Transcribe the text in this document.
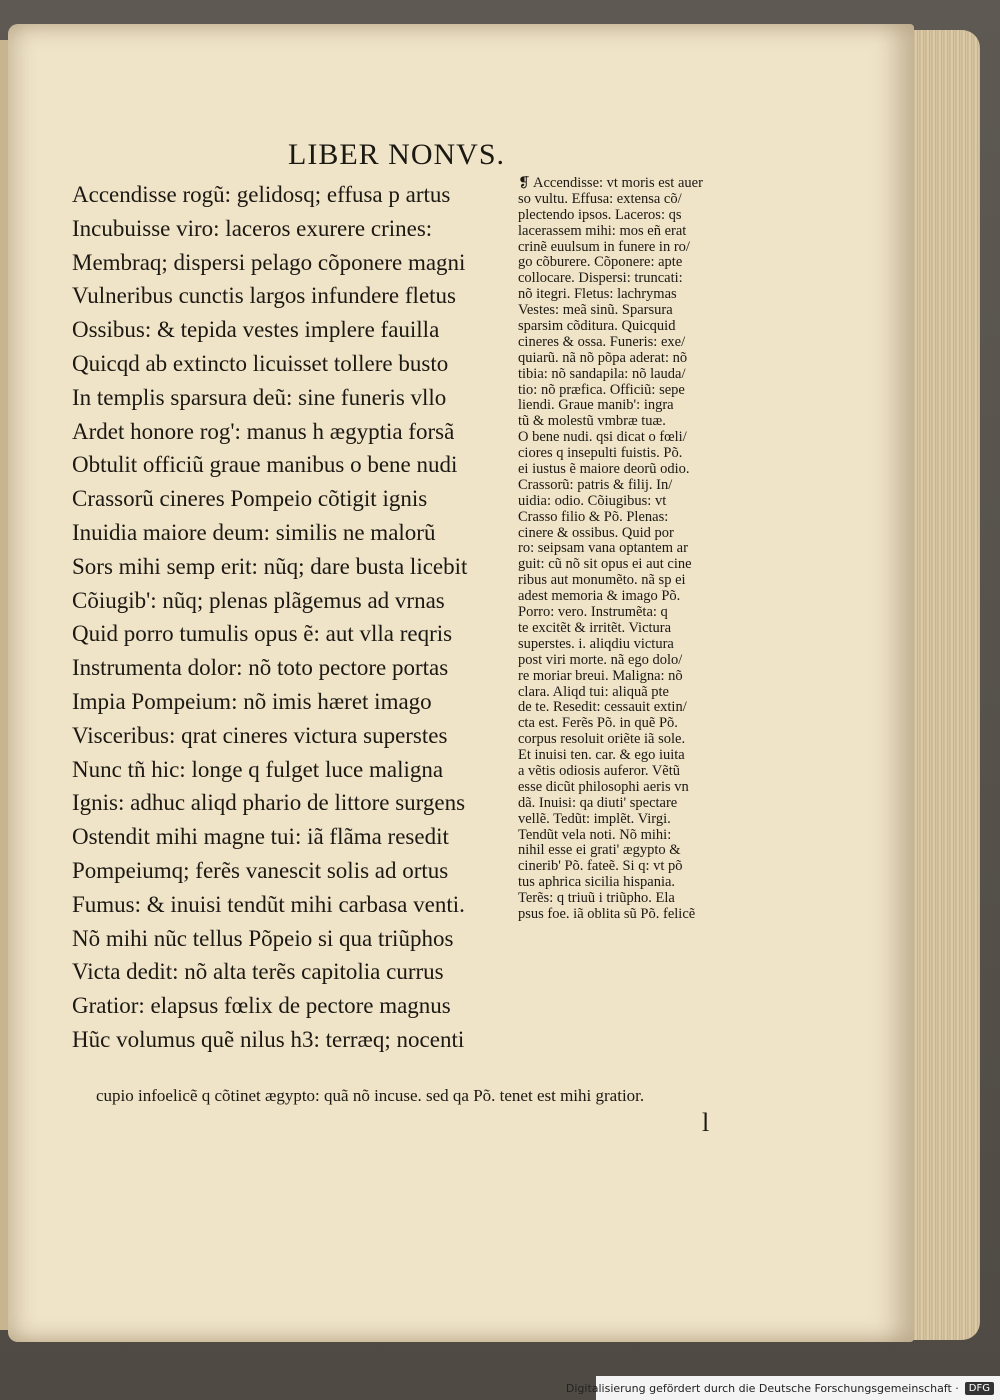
LIBER NONVS.
Accendisse rogũ: gelidosq; effusa p artus
Incubuisse viro: laceros exurere crines:
Membraq; dispersi pelago cõponere magni
Vulneribus cunctis largos infundere fletus
Ossibus: & tepida vestes implere fauilla
Quicqd ab extincto licuisset tollere busto
In templis sparsura deũ: sine funeris vllo
Ardet honore rog': manus h ægyptia forsã
Obtulit officiũ graue manibus o bene nudi
Crassorũ cineres Pompeio cõtigit ignis
Inuidia maiore deum: similis ne malorũ
Sors mihi semp erit: nũq; dare busta licebit
Cõiugib': nũq; plenas plãgemus ad vrnas
Quid porro tumulis opus ẽ: aut vlla reqris
Instrumenta dolor: nõ toto pectore portas
Impia Pompeium: nõ imis hæret imago
Visceribus: qrat cineres victura superstes
Nunc tñ hic: longe q fulget luce maligna
Ignis: adhuc aliqd phario de littore surgens
Ostendit mihi magne tui: iã flãma resedit
Pompeiumq; ferẽs vanescit solis ad ortus
Fumus: & inuisi tendũt mihi carbasa venti.
Nõ mihi nũc tellus Põpeio si qua triũphos
Victa dedit: nõ alta terẽs capitolia currus
Gratior: elapsus fœlix de pectore magnus
Hũc volumus quẽ nilus h3: terræq; nocenti
❡ Accendisse: vt moris est auer
so vultu. Effusa: extensa cõ/
plectendo ipsos. Laceros: qs
lacerassem mihi: mos eñ erat
crinẽ euulsum in funere in ro/
go cõburere. Cõponere: apte
collocare. Dispersi: truncati:
nõ itegri. Fletus: lachrymas
Vestes: meã sinũ. Sparsura
sparsim cõditura. Quicquid
cineres & ossa. Funeris: exe/
quiarũ. nã nõ põpa aderat: nõ
tibia: nõ sandapila: nõ lauda/
tio: nõ præfica. Officiũ: sepe
liendi. Graue manib': ingra
tũ & molestũ vmbræ tuæ.
O bene nudi. qsi dicat o fœli/
ciores q insepulti fuistis. Põ.
ei iustus ẽ maiore deorũ odio.
Crassorũ: patris & filij. In/
uidia: odio. Cõiugibus: vt
Crasso filio & Põ. Plenas:
cinere & ossibus. Quid por
ro: seipsam vana optantem ar
guit: cũ nõ sit opus ei aut cine
ribus aut monumẽto. nã sp ei
adest memoria & imago Põ.
Porro: vero. Instrumẽta: q
te excitẽt & irritẽt. Victura
superstes. i. aliqdiu victura
post viri morte. nã ego dolo/
re moriar breui. Maligna: nõ
clara. Aliqd tui: aliquã pte
de te. Resedit: cessauit extin/
cta est. Ferẽs Põ. in quẽ Põ.
corpus resoluit oriẽte iã sole.
Et inuisi ten. car. & ego iuita
a vẽtis odiosis auferor. Vẽtũ
esse dicũt philosophi aeris vn
dã. Inuisi: qa diuti' spectare
vellẽ. Tedũt: implẽt. Virgi.
Tendũt vela noti. Nõ mihi:
nihil esse ei grati' ægypto &
cinerib' Põ. fateẽ. Si q: vt põ
tus aphrica sicilia hispania.
Terẽs: q triuũ i triũpho. Ela
psus foe. iã oblita sũ Põ. felicẽ
cupio infoelicẽ q cõtinet ægypto: quã nõ incuse. sed qa Põ. tenet est mihi gratior.
l
Digitalisierung gefördert durch die Deutsche Forschungsgemeinschaft ·	DFG
